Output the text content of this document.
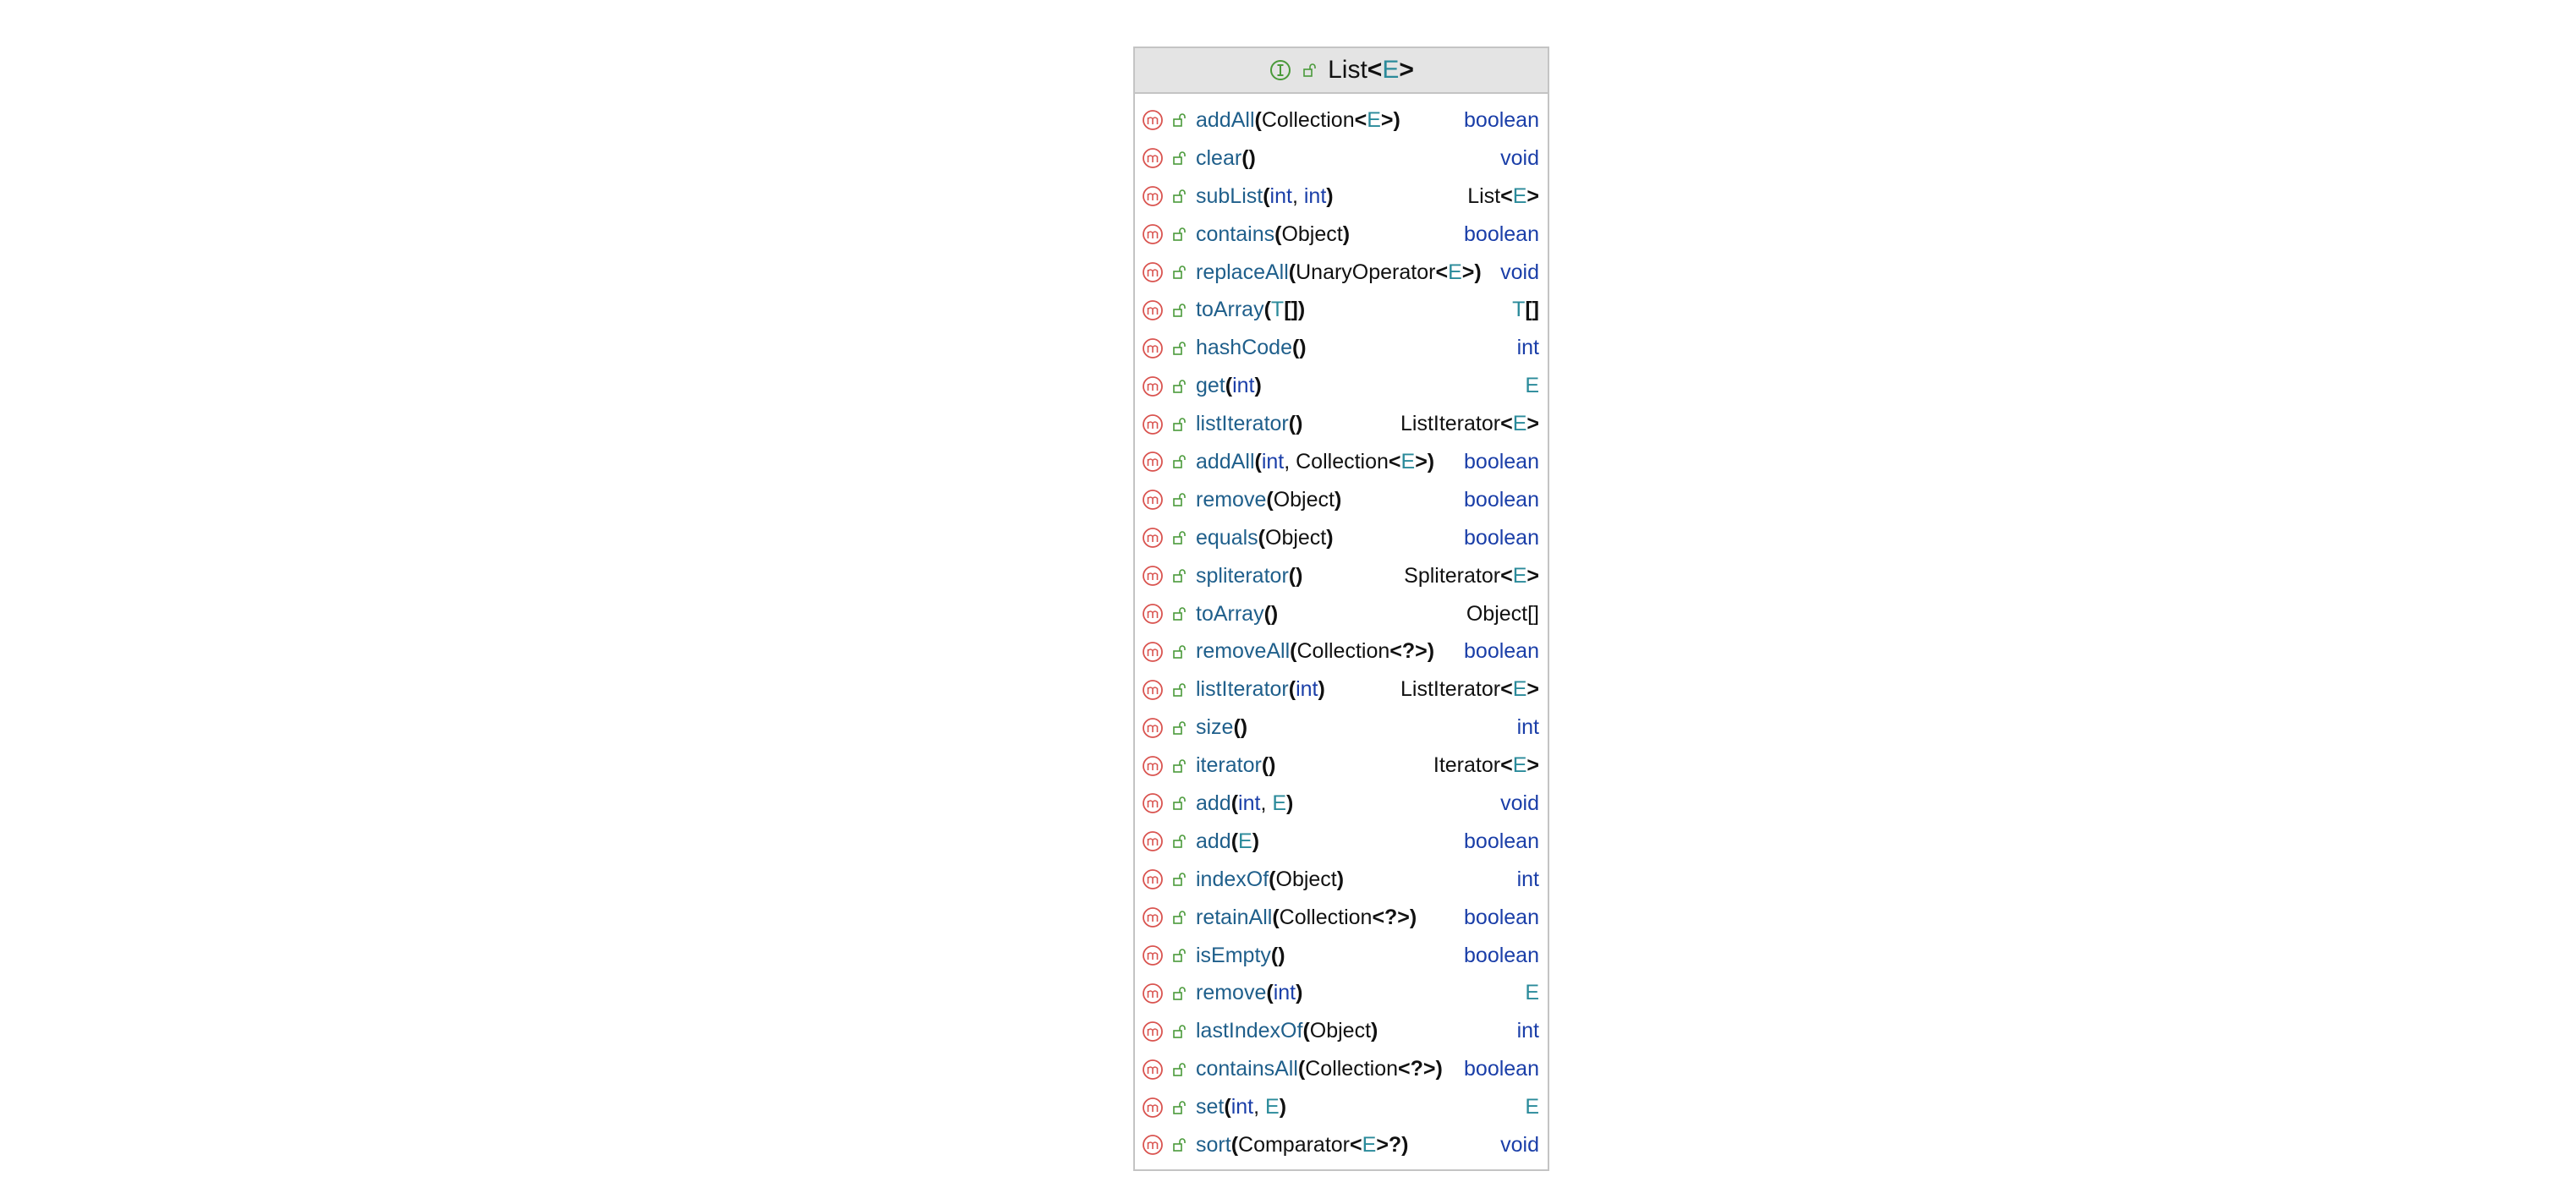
List<E>
addAll(Collection<E>)	boolean
clear()	void
subList(int, int)	List<E>
contains(Object)	boolean
replaceAll(UnaryOperator<E>) void
toArray(T[])	T[]
hashCode()	int
get(int)	E
listIterator()	ListIterator<E>
addAll(int, Collection<E>)	boolean
remove(Object)	boolean
equals(Object)	boolean
spliterator()	Spliterator<E>
toArray()	Object[]
removeAll(Collection<?>)	boolean
listIterator(int)	ListIterator<E>
size()	int
iterator()	Iterator<E>
add(int, E)	void
add(E)	boolean
indexOf(Object)	int
retainAll(Collection<?>)	boolean
isEmpty()	boolean
remove(int)	E
lastIndexOf(Object)	int
containsAll(Collection<?>)	boolean
set(int, E)	E
sort(Comparator<E>?)	void
